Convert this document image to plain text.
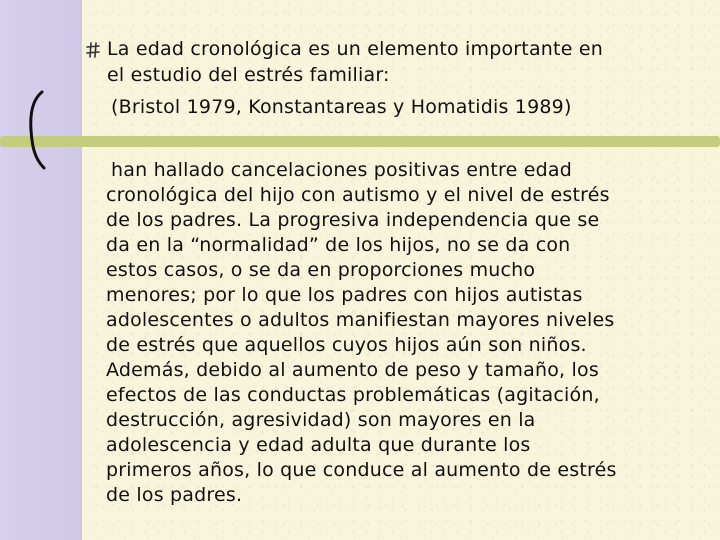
La edad cronológica es un elemento importante en
el estudio del estrés familiar:
(Bristol 1979, Konstantareas y Homatidis 1989)
han hallado cancelaciones positivas entre edad
cronológica del hijo con autismo y el nivel de estrés
de los padres. La progresiva independencia que se
da en la “normalidad” de los hijos, no se da con
estos casos, o se da en proporciones mucho
menores; por lo que los padres con hijos autistas
adolescentes o adultos manifiestan mayores niveles
de estrés que aquellos cuyos hijos aún son niños.
Además, debido al aumento de peso y tamaño, los
efectos de las conductas problemáticas (agitación,
destrucción, agresividad) son mayores en la
adolescencia y edad adulta que durante los
primeros años, lo que conduce al aumento de estrés
de los padres.
